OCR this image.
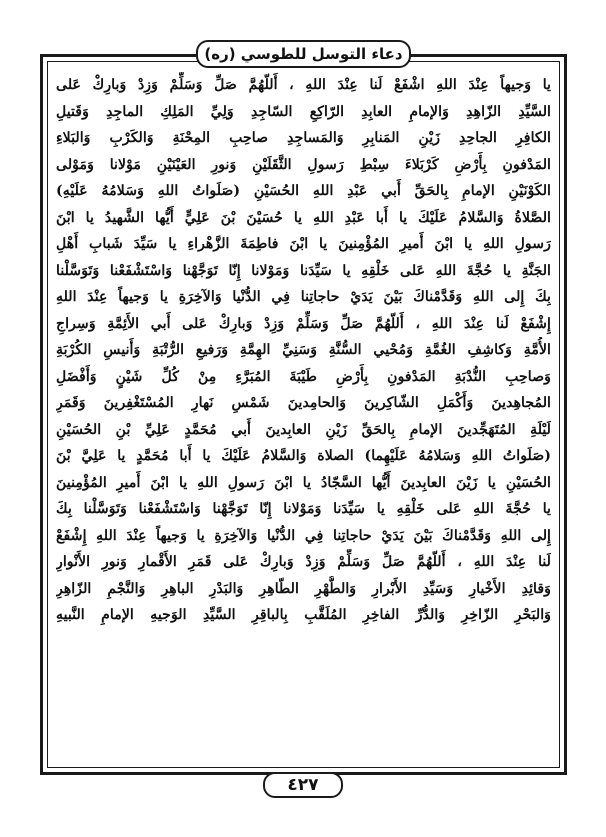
دعاء التوسل للطوسي (ره)
يا وَجيهاً عِنْدَ اللهِ اشْفَعْ لَنا عِنْدَ اللهِ ، أَللّهُمَّ صَلِّ وَسَلِّمْ وَزِدْ وَبارِكْ عَلى
السَّيِّدِ الزّاهِدِ وَالإمامِ العابِدِ الرّاكِعِ السّاجِدِ وَلِيِّ المَلِكِ الماجِدِ وَقَتيلِ
الكافِرِ الجاحِدِ زَيْنِ المَنابِرِ وَالمَساجِدِ صاحِبِ المِحْنَةِ وَالكَرْبِ وَالبَلاءِ
المَدْفونِ بِأَرْضِ كَرْبَلاءَ سِبْطِ رَسولِ الثَّقَلَيْنِ وَنورِ العَيْنَيْنِ مَوْلانا وَمَوْلى
الكَوْنَيْنِ الإمامِ بِالحَقِّ أَبي عَبْدِ اللهِ الحُسَيْنِ (صَلَواتُ اللهِ وَسَلامُهُ عَلَيْهِ)
الصَّلاةُ وَالسَّلامُ عَلَيْكَ يا أَبا عَبْدِ اللهِ يا حُسَيْنَ بْنَ عَلِيٍّ أَيُّها الشَّهيدُ يا ابْنَ
رَسولِ اللهِ يا ابْنَ أَميرِ المُؤْمِنينَ يا ابْنَ فاطِمَةَ الزَّهْراءِ يا سَيِّدَ شَبابِ أَهْلِ
الجَنَّةِ يا حُجَّةَ اللهِ عَلى خَلْقِهِ يا سَيِّدَنا وَمَوْلانا إِنّا تَوَجَّهْنا وَاسْتَشْفَعْنا وَتَوَسَّلْنا
بِكَ إِلى اللهِ وَقَدَّمْناكَ بَيْنَ يَدَيْ حاجاتِنا فِي الدُّنْيا وَالآخِرَةِ يا وَجيهاً عِنْدَ اللهِ
إِشْفَعْ لَنا عِنْدَ اللهِ ، أَللّهُمَّ صَلِّ وَسَلِّمْ وَزِدْ وَبارِكْ عَلى أَبي الأَئِمَّةِ وَسِراجِ
الأُمَّةِ وَكاشِفِ الغُمَّةِ وَمُحْيي السُّنَّةِ وَسَنِيِّ الهِمَّةِ وَرَفيعِ الرُّتْبَةِ وَأَنيسِ الكُرْبَةِ
وَصاحِبِ النُّدْبَةِ المَدْفونِ بِأَرْضِ طَيْبَةَ المُبَرَّءِ مِنْ كُلِّ شَيْنٍ وَأَفْضَلِ
المُجاهِدينَ وَأَكْمَلِ الشّاكِرينَ وَالحامِدينَ شَمْسِ نَهارِ المُسْتَغْفِرينَ وَقَمَرِ
لَيْلَةِ المُتَهَجِّدينَ الإمامِ بِالحَقِّ زَيْنِ العابِدينَ أَبي مُحَمَّدٍ عَلِيِّ بْنِ الحُسَيْنِ
(صَلَواتُ اللهِ وَسَلامُهُ عَلَيْهِما) الصلاة وَالسَّلامُ عَلَيْكَ يا أَبا مُحَمَّدٍ يا عَلِيَّ بْنَ
الحُسَيْنِ يا زَيْنَ العابِدينَ أَيُّها السَّجّادُ يا ابْنَ رَسولِ اللهِ يا ابْنَ أَميرِ المُؤْمِنينَ
يا حُجَّةَ اللهِ عَلى خَلْقِهِ يا سَيِّدَنا وَمَوْلانا إِنّا تَوَجَّهْنا وَاسْتَشْفَعْنا وَتَوَسَّلْنا بِكَ
إِلى اللهِ وَقَدَّمْناكَ بَيْنَ يَدَيْ حاجاتِنا فِي الدُّنْيا وَالآخِرَةِ يا وَجيهاً عِنْدَ اللهِ إِشْفَعْ
لَنا عِنْدَ اللهِ ، أَللّهُمَّ صَلِّ وَسَلِّمْ وَزِدْ وَبارِكْ عَلى قَمَرِ الأَقْمارِ وَنورِ الأَنْوارِ
وَقائِدِ الأَخْيارِ وَسَيِّدِ الأَبْرارِ وَالطُّهْرِ الطّاهِرِ وَالبَدْرِ الباهِرِ وَالنَّجْمِ الزّاهِرِ
وَالبَحْرِ الزّاخِرِ وَالدُّرِّ الفاخِرِ المُلَقَّبِ بِالباقِرِ السَّيِّدِ الوَجيهِ الإمامِ النَّبيهِ
٤٢٧
